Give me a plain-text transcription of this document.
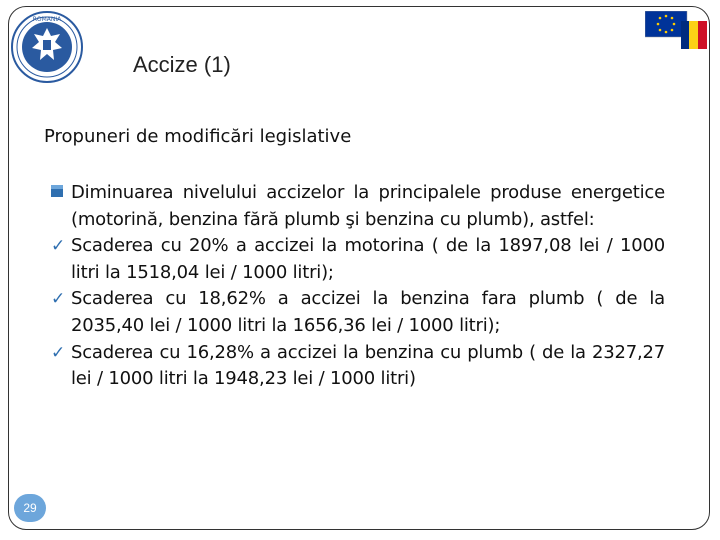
ROMANIA
Accize (1)
Propuneri de modificări legislative
Diminuarea nivelului accizelor la principalele produse energetice (motorină, benzina fără plumb şi benzina cu plumb), astfel:
✓ Scaderea cu 20% a accizei la motorina ( de la 1897,08 lei / 1000 litri la 1518,04 lei / 1000 litri);
✓ Scaderea cu 18,62% a accizei la benzina fara plumb ( de la 2035,40 lei / 1000 litri la 1656,36 lei / 1000 litri);
✓ Scaderea cu 16,28% a accizei la benzina cu plumb ( de la 2327,27 lei / 1000 litri la 1948,23 lei / 1000 litri)
29
